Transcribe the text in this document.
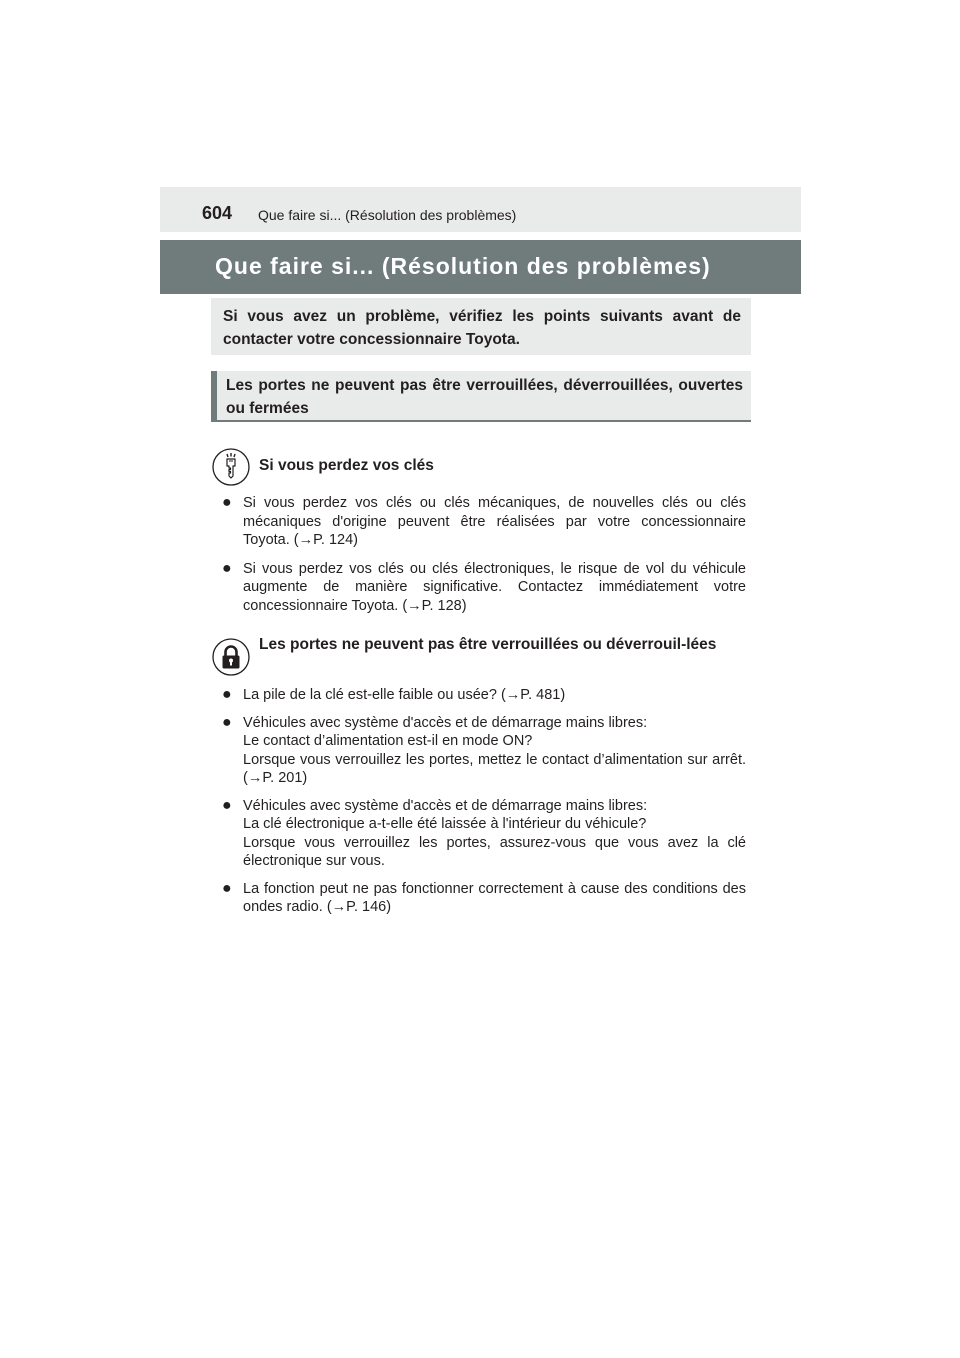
604 Que faire si... (Résolution des problèmes)
Que faire si... (Résolution des problèmes)
Si vous avez un problème, vérifiez les points suivants avant de contacter votre concessionnaire Toyota.
Les portes ne peuvent pas être verrouillées, déverrouillées, ouvertes ou fermées
Si vous perdez vos clés
● Si vous perdez vos clés ou clés mécaniques, de nouvelles clés ou clés mécaniques d'origine peuvent être réalisées par votre concessionnaire Toyota. (→P. 124)
● Si vous perdez vos clés ou clés électroniques, le risque de vol du véhicule augmente de manière significative. Contactez immédiatement votre concessionnaire Toyota. (→P. 128)
Les portes ne peuvent pas être verrouillées ou déverrouil-lées
● La pile de la clé est-elle faible ou usée? (→P. 481)
● Véhicules avec système d'accès et de démarrage mains libres:
Le contact d’alimentation est-il en mode ON?
Lorsque vous verrouillez les portes, mettez le contact d’alimentation sur arrêt. (→P. 201)
● Véhicules avec système d'accès et de démarrage mains libres:
La clé électronique a-t-elle été laissée à l'intérieur du véhicule?
Lorsque vous verrouillez les portes, assurez-vous que vous avez la clé électronique sur vous.
● La fonction peut ne pas fonctionner correctement à cause des conditions des ondes radio. (→P. 146)
